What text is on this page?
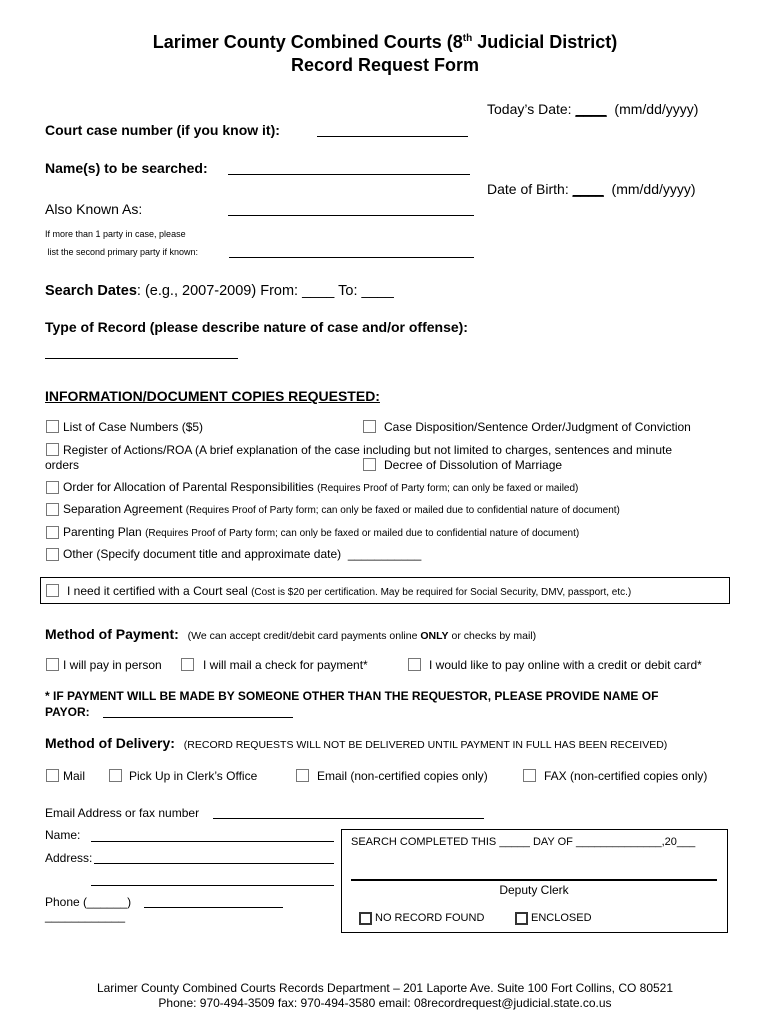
Larimer County Combined Courts (8th Judicial District)
Record Request Form
Today’s Date: ____ (mm/dd/yyyy)
Court case number (if you know it):
Name(s) to be searched:
Date of Birth: ____ (mm/dd/yyyy)
Also Known As:
If more than 1 party in case, please
list the second primary party if known:
Search Dates: (e.g., 2007-2009) From: ____ To: ____
Type of Record (please describe nature of case and/or offense):
INFORMATION/DOCUMENT COPIES REQUESTED:
List of Case Numbers ($5)	Case Disposition/Sentence Order/Judgment of Conviction
Register of Actions/ROA (A brief explanation of the case including but not limited to charges, sentences and minute
orders	Decree of Dissolution of Marriage
Order for Allocation of Parental Responsibilities (Requires Proof of Party form; can only be faxed or mailed)
Separation Agreement (Requires Proof of Party form; can only be faxed or mailed due to confidential nature of document)
Parenting Plan (Requires Proof of Party form; can only be faxed or mailed due to confidential nature of document)
Other (Specify document title and approximate date) ___________
I need it certified with a Court seal (Cost is $20 per certification. May be required for Social Security, DMV, passport, etc.)
Method of Payment: (We can accept credit/debit card payments online ONLY or checks by mail)
I will pay in person	I will mail a check for payment*	I would like to pay online with a credit or debit card*
* IF PAYMENT WILL BE MADE BY SOMEONE OTHER THAN THE REQUESTOR, PLEASE PROVIDE NAME OF
PAYOR:
Method of Delivery: (RECORD REQUESTS WILL NOT BE DELIVERED UNTIL PAYMENT IN FULL HAS BEEN RECEIVED)
Mail	Pick Up in Clerk’s Office	Email (non-certified copies only)	FAX (non-certified copies only)
Email Address or fax number
Name:
Address:
Phone (______)
____________
SEARCH COMPLETED THIS _____ DAY OF ______________,20___
Deputy Clerk
NO RECORD FOUND	ENCLOSED
Larimer County Combined Courts Records Department – 201 Laporte Ave. Suite 100 Fort Collins, CO 80521
Phone: 970-494-3509 fax: 970-494-3580 email: 08recordrequest@judicial.state.co.us
